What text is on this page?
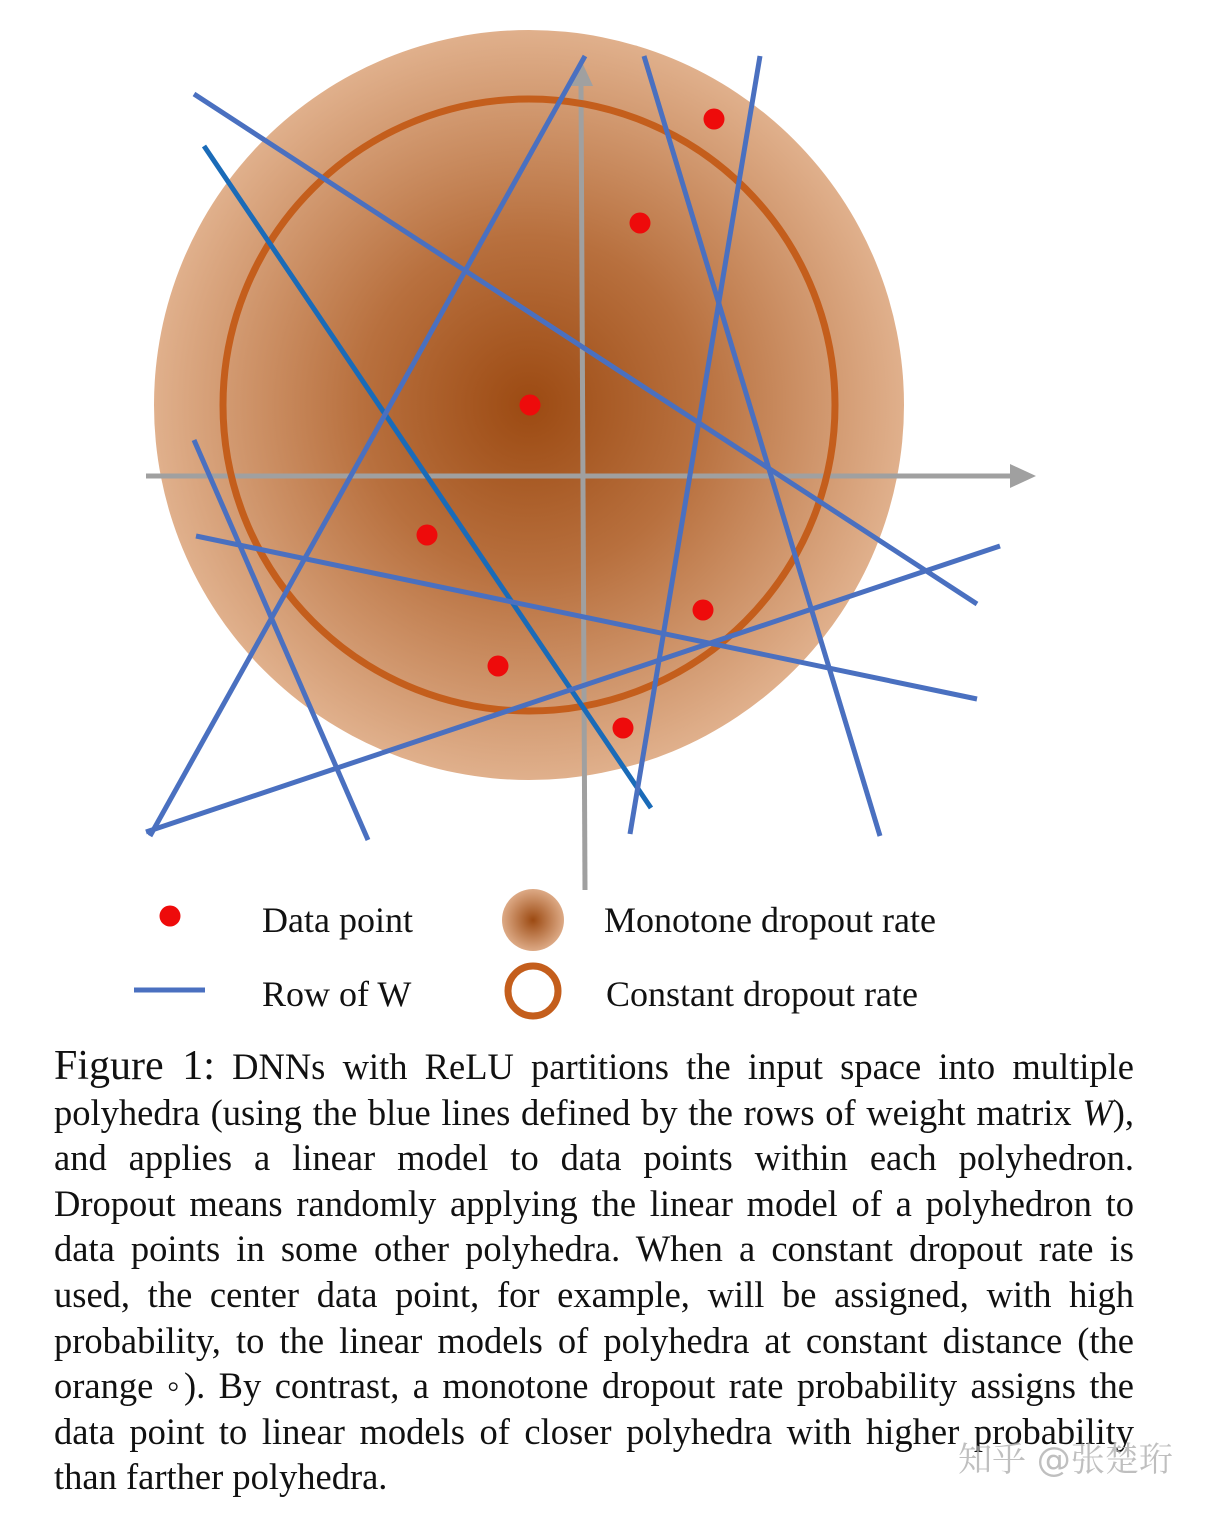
Data point
Row of W
Monotone dropout rate
Constant dropout rate

Figure 1: DNNs with ReLU partitions the input space into multiple polyhedra (using the blue lines defined by the rows of weight matrix W), and applies a linear model to data points within each polyhedron. Dropout means randomly applying the linear model of a polyhedron to data points in some other polyhedra. When a constant dropout rate is used, the center data point, for example, will be assigned, with high probability, to the linear models of polyhedra at constant distance (the orange ◦). By contrast, a monotone dropout rate probability assigns the data point to linear models of closer polyhedra with higher probability than farther polyhedra.	知乎 @张楚珩
